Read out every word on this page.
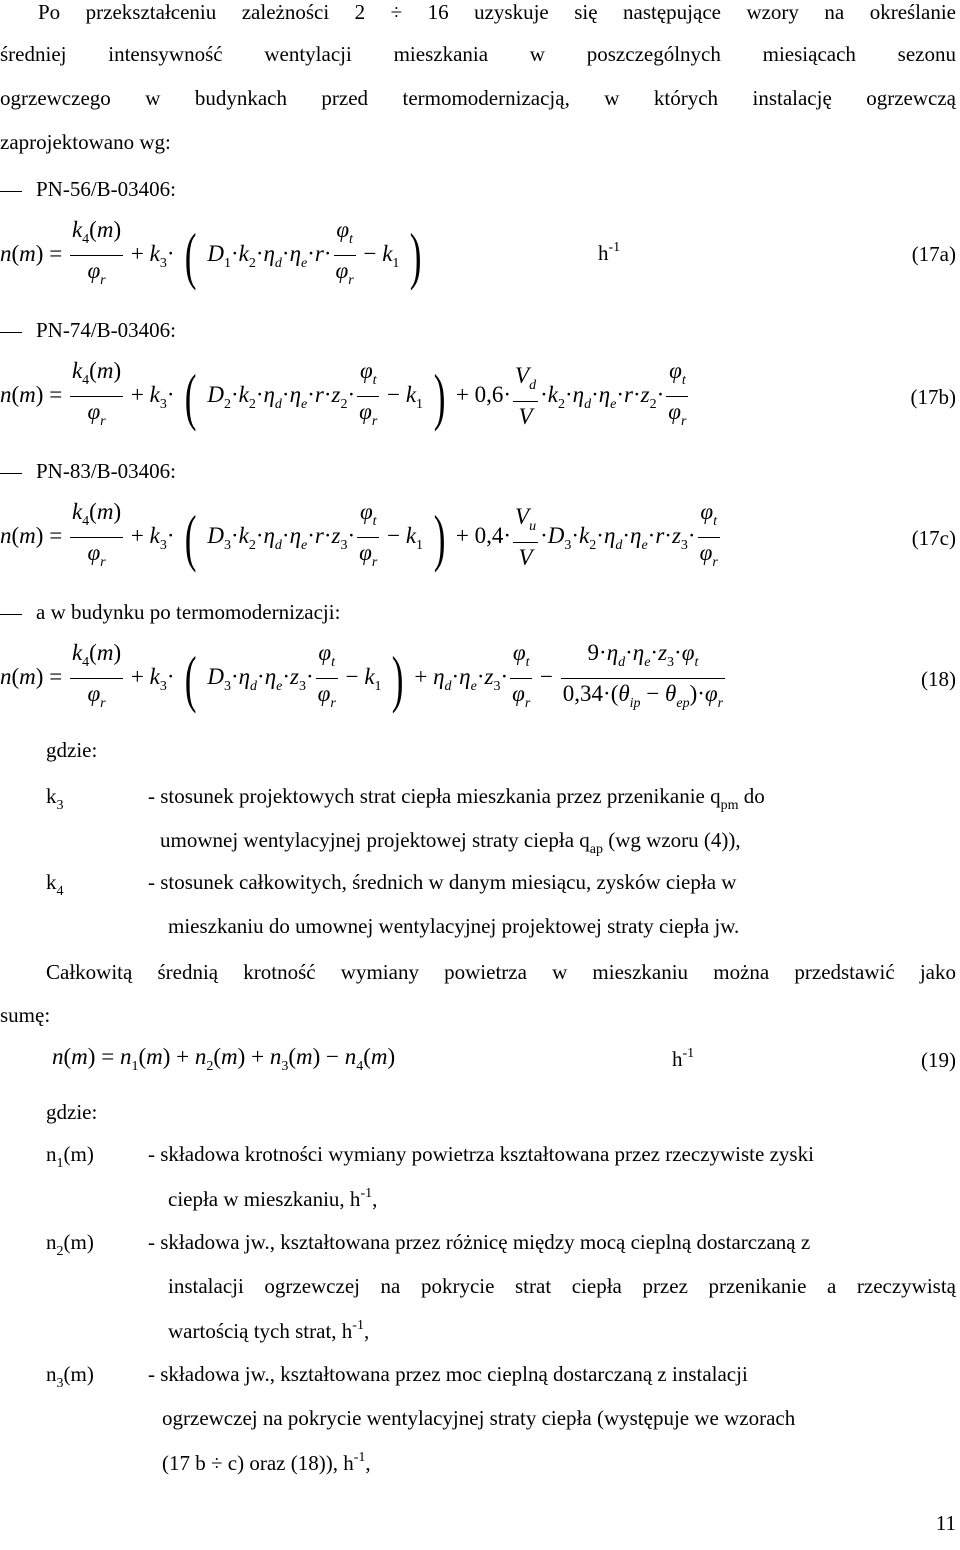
Po przekształceniu zależności 2 ÷ 16 uzyskuje się następujące wzory na określanie
średniej intensywność wentylacji mieszkania w poszczególnych miesiącach sezonu
ogrzewczego w budynkach przed termomodernizacją, w których instalację ogrzewczą
zaprojektowano wg:
PN-56/B-03406:
$n(m) = \frac{k_4(m)}{\varphi_r} + k_3\cdot$ ( $D_1\cdot k_2\cdot\eta_d\cdot\eta_e\cdot r\cdot \frac{\varphi_t}{\varphi_r} - k_1$ )	$h^{-1}$	(17a)
PN-74/B-03406:
$n(m) = \frac{k_4(m)}{\varphi_r} + k_3\cdot$ ( $D_2\cdot k_2\cdot\eta_d\cdot\eta_e\cdot r\cdot z_2\cdot \frac{\varphi_t}{\varphi_r} - k_1$ ) + $0,6\cdot \frac{V_d}{V} \cdot k_2\cdot\eta_d\cdot\eta_e\cdot r\cdot z_2\cdot \frac{\varphi_t}{\varphi_r}$	(17b)
PN-83/B-03406:
$n(m) = \frac{k_4(m)}{\varphi_r} + k_3\cdot$ ( $D_3\cdot k_2\cdot\eta_d\cdot\eta_e\cdot r\cdot z_3\cdot \frac{\varphi_t}{\varphi_r} - k_1$ ) + $0,4\cdot \frac{V_u}{V} \cdot D_3\cdot k_2\cdot\eta_d\cdot\eta_e\cdot r\cdot z_3\cdot \frac{\varphi_t}{\varphi_r}$	(17c)
a w budynku po termomodernizacji:
$n(m) = \frac{k_4(m)}{\varphi_r} + k_3\cdot$ ( $D_3\cdot\eta_d\cdot\eta_e\cdot z_3\cdot \frac{\varphi_t}{\varphi_r} - k_1$ ) + $\eta_d\cdot\eta_e\cdot z_3\cdot \frac{\varphi_t}{\varphi_r} - \frac{9\cdot\eta_d\cdot\eta_e\cdot z_3\cdot\varphi_t}{0,34\cdot(\theta_{ip} - \theta_{ep})\cdot\varphi_r}$	(18)
gdzie:
$k_3$	- stosunek projektowych strat ciepła mieszkania przez przenikanie $q_{pm}$ do
umownej wentylacyjnej projektowej straty ciepła $q_{ap}$ (wg wzoru (4)),
$k_4$	- stosunek całkowitych, średnich w danym miesiącu, zysków ciepła w
mieszkaniu do umownej wentylacyjnej projektowej straty ciepła jw.
Całkowitą średnią krotność wymiany powietrza w mieszkaniu można przedstawić jako
sumę:
$n(m) = n_1(m) + n_2(m) + n_3(m) - n_4(m)$	$h^{-1}$	(19)
gdzie:
$n_1(m)$	- składowa krotności wymiany powietrza kształtowana przez rzeczywiste zyski
ciepła w mieszkaniu, $h^{-1}$,
$n_2(m)$	- składowa jw., kształtowana przez różnicę między mocą cieplną dostarczaną z
instalacji ogrzewczej na pokrycie strat ciepła przez przenikanie a rzeczywistą
wartością tych strat, $h^{-1}$,
$n_3(m)$	- składowa jw., kształtowana przez moc cieplną dostarczaną z instalacji
ogrzewczej na pokrycie wentylacyjnej straty ciepła (występuje we wzorach
(17 b ÷ c) oraz (18)), $h^{-1}$,
11
